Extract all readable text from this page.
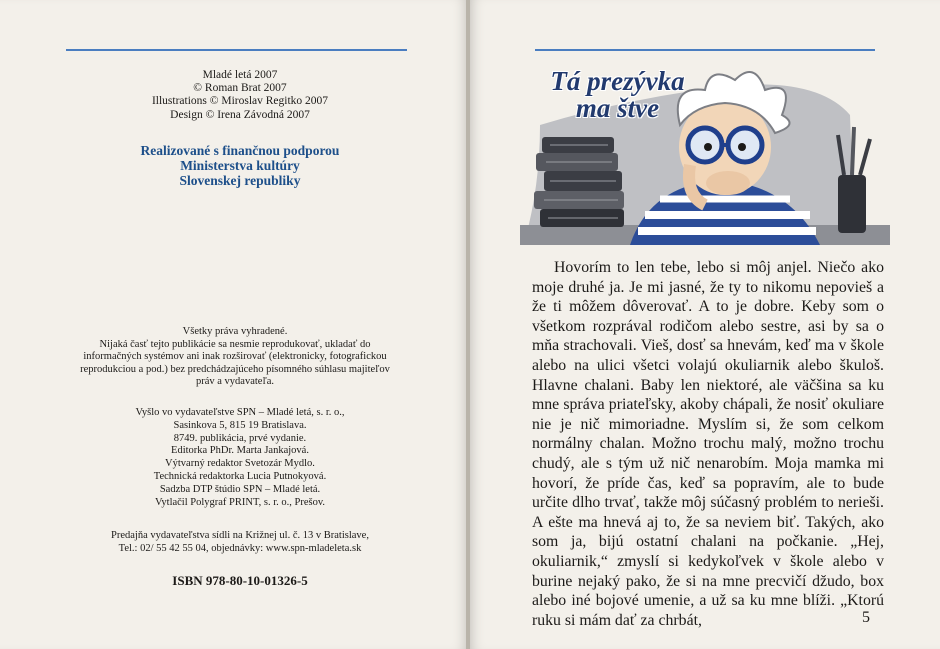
Mladé letá 2007
© Roman Brat 2007
Illustrations © Miroslav Regitko 2007
Design © Irena Závodná 2007
Realizované s finančnou podporou
Ministerstva kultúry
Slovenskej republiky
Všetky práva vyhradené.
Nijaká časť tejto publikácie sa nesmie reprodukovať, ukladať do informačných systémov ani inak rozširovať (elektronicky, fotografickou reprodukciou a pod.) bez predchádzajúceho písomného súhlasu majiteľov práv a vydavateľa.
Vyšlo vo vydavateľstve SPN – Mladé letá, s. r. o.,
Sasinkova 5, 815 19 Bratislava.
8749. publikácia, prvé vydanie.
Editorka PhDr. Marta Jankajová.
Výtvarný redaktor Svetozár Mydlo.
Technická redaktorka Lucia Putnokyová.
Sadzba DTP štúdio SPN – Mladé letá.
Vytlačil Polygraf PRINT, s. r. o., Prešov.
Predajňa vydavateľstva sídli na Križnej ul. č. 13 v Bratislave,
Tel.: 02/ 55 42 55 04, objednávky: www.spn-mladeleta.sk
ISBN 978-80-10-01326-5
Tá prezývka
ma štve

Hovorím to len tebe, lebo si môj anjel. Niečo ako moje druhé ja. Je mi jasné, že ty to nikomu nepovieš a že ti môžem dôverovať. A to je dobre. Keby som o všetkom rozprával rodičom alebo sestre, asi by sa o mňa strachovali. Vieš, dosť sa hnevám, keď ma v škole alebo na ulici všetci volajú okuliarnik alebo škuloš. Hlavne chalani. Baby len niektoré, ale väčšina sa ku mne správa priateľsky, akoby chápali, že nosiť okuliare nie je nič mimoriadne. Myslím si, že som celkom normálny chalan. Možno trochu malý, možno trochu chudý, ale s tým už nič nenarobím. Moja mamka mi hovorí, že príde čas, keď sa popravím, ale to bude určite dlho trvať, takže môj súčasný problém to nerieši. A ešte ma hnevá aj to, že sa neviem biť. Takých, ako som ja, bijú ostatní chalani na počkanie. „Hej, okuliarnik,“ zmyslí si kedykoľvek v škole alebo v burine nejaký pako, že si na mne precvičí džudo, box alebo iné bojové umenie, a už sa ku mne blíži. „Ktorú ruku si mám dať za chrbát,	5
